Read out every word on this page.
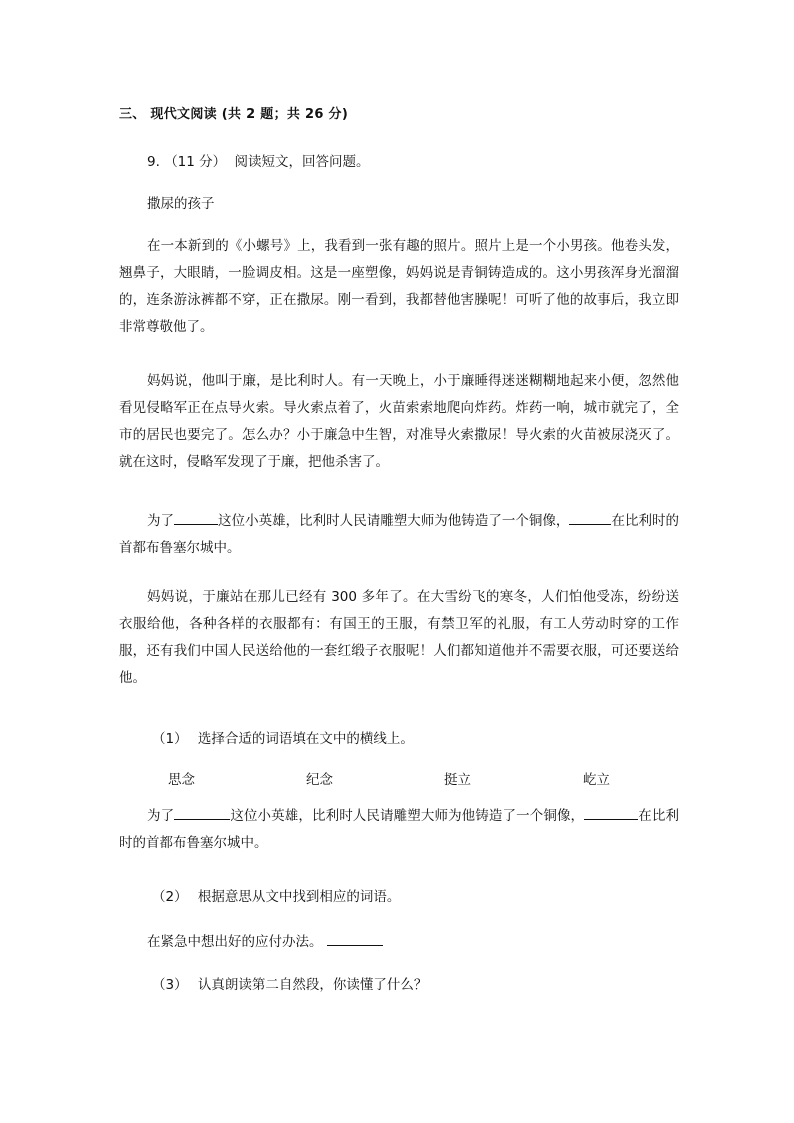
三、 现代文阅读 (共 2 题；共 26 分)
9. （11 分） 阅读短文，回答问题。
撒尿的孩子
在一本新到的《小螺号》上，我看到一张有趣的照片。照片上是一个小男孩。他卷头发，翘鼻子，大眼睛，一脸调皮相。这是一座塑像，妈妈说是青铜铸造成的。这小男孩浑身光溜溜的，连条游泳裤都不穿，正在撒尿。刚一看到，我都替他害臊呢！可听了他的故事后，我立即非常尊敬他了。
妈妈说，他叫于廉，是比利时人。有一天晚上，小于廉睡得迷迷糊糊地起来小便，忽然他看见侵略军正在点导火索。导火索点着了，火苗索索地爬向炸药。炸药一响，城市就完了，全市的居民也要完了。怎么办？小于廉急中生智，对准导火索撒尿！导火索的火苗被尿浇灭了。就在这时，侵略军发现了于廉，把他杀害了。
为了	这位小英雄，比利时人民请雕塑大师为他铸造了一个铜像，	在比利时的首都布鲁塞尔城中。
妈妈说，于廉站在那儿已经有 300 多年了。在大雪纷飞的寒冬，人们怕他受冻，纷纷送衣服给他，各种各样的衣服都有：有国王的王服，有禁卫军的礼服，有工人劳动时穿的工作服，还有我们中国人民送给他的一套红缎子衣服呢！人们都知道他并不需要衣服，可还要送给他。
（1） 选择合适的词语填在文中的横线上。
思念	纪念	挺立	屹立
为了	这位小英雄，比利时人民请雕塑大师为他铸造了一个铜像，	在比利时的首都布鲁塞尔城中。
（2） 根据意思从文中找到相应的词语。
在紧急中想出好的应付办法。
（3） 认真朗读第二自然段，你读懂了什么？
